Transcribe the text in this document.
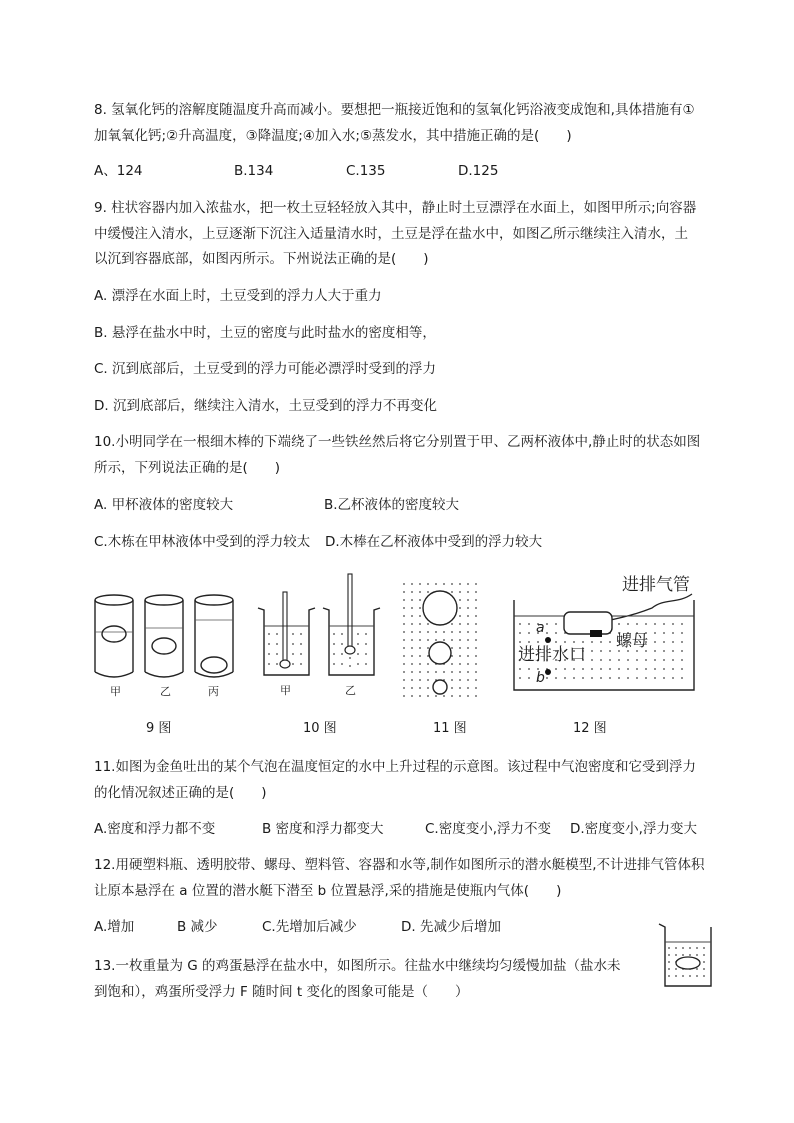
8. 氢氧化钙的溶解度随温度升高而减小。要想把一瓶接近饱和的氢氧化钙浴液变成饱和,具体措施有①
加氧氧化钙;②升高温度，③降温度;④加入水;⑤蒸发水，其中措施正确的是(　　)
A、124	B.134	C.135	D.125
9. 柱状容器内加入浓盐水，把一枚土豆轻轻放入其中，静止时土豆漂浮在水面上，如图甲所示;向容器
中缓慢注入清水，上豆逐渐下沉注入适量清水时，土豆是浮在盐水中，如图乙所示继续注入清水，土
以沉到容器底部，如图丙所示。下州说法正确的是(　　)
A. 漂浮在水面上时，土豆受到的浮力人大于重力
B. 悬浮在盐水中时，土豆的密度与此时盐水的密度相等，
C. 沉到底部后，土豆受到的浮力可能必漂浮时受到的浮力
D. 沉到底部后，继续注入清水，土豆受到的浮力不再变化
10.小明同学在一根细木棒的下端绕了一些铁丝然后将它分别置于甲、乙两杯液体中,静止时的状态如图
所示，下列说法正确的是(　　)
A. 甲杯液体的密度较大	B.乙杯液体的密度较大
C.木栋在甲林液体中受到的浮力较太 D.木棒在乙杯液体中受到的浮力较大
甲	乙	丙	甲	乙
进排气管
螺母
a
b
进排水口
9 图	10 图	11 图	12 图
11.如图为金鱼吐出的某个气泡在温度恒定的水中上升过程的示意图。该过程中气泡密度和它受到浮力
的化情况叙述正确的是(　　)
A.密度和浮力都不变	B 密度和浮力都变大	C.密度变小,浮力不变 D.密度变小,浮力变大
12.用硬塑料瓶、透明胶带、螺母、塑料管、容器和水等,制作如图所示的潜水艇模型,不计进排气管体积
让原本悬浮在 a 位置的潜水艇下潜至 b 位置悬浮,采的措施是使瓶内气体(　　)
A.增加	B 减少	C.先增加后减少	D. 先减少后增加
13.一枚重量为 G 的鸡蛋悬浮在盐水中，如图所示。往盐水中继续均匀缓慢加盐（盐水未
到饱和），鸡蛋所受浮力 F 随时间 t 变化的图象可能是（　　）
